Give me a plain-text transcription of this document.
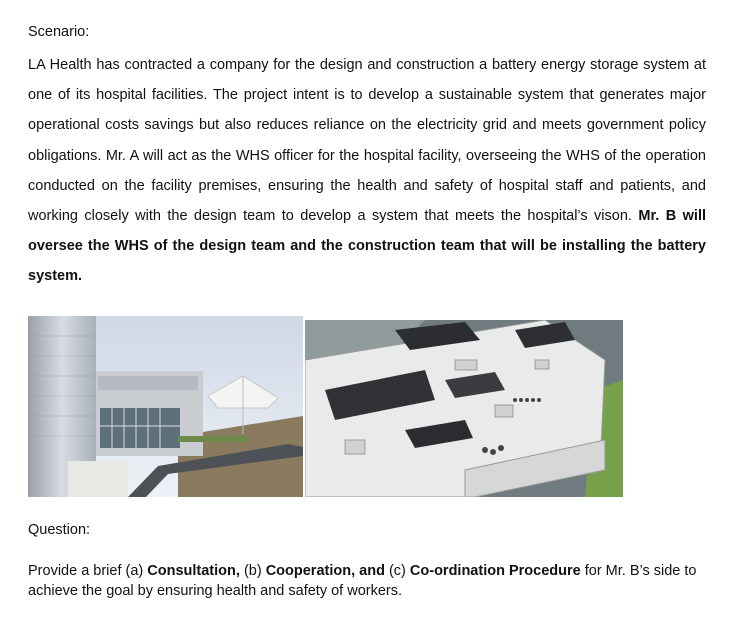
Scenario:
LA Health has contracted a company for the design and construction a battery energy storage system at one of its hospital facilities. The project intent is to develop a sustainable system that generates major operational costs savings but also reduces reliance on the electricity grid and meets government policy obligations. Mr. A will act as the WHS officer for the hospital facility, overseeing the WHS of the operation conducted on the facility premises, ensuring the health and safety of hospital staff and patients, and working closely with the design team to develop a system that meets the hospital’s vison. Mr. B will oversee the WHS of the design team and the construction team that will be installing the battery system.
Question:
Provide a brief (a) Consultation, (b) Cooperation, and (c) Co-ordination Procedure for Mr. B’s side to achieve the goal by ensuring health and safety of workers.
